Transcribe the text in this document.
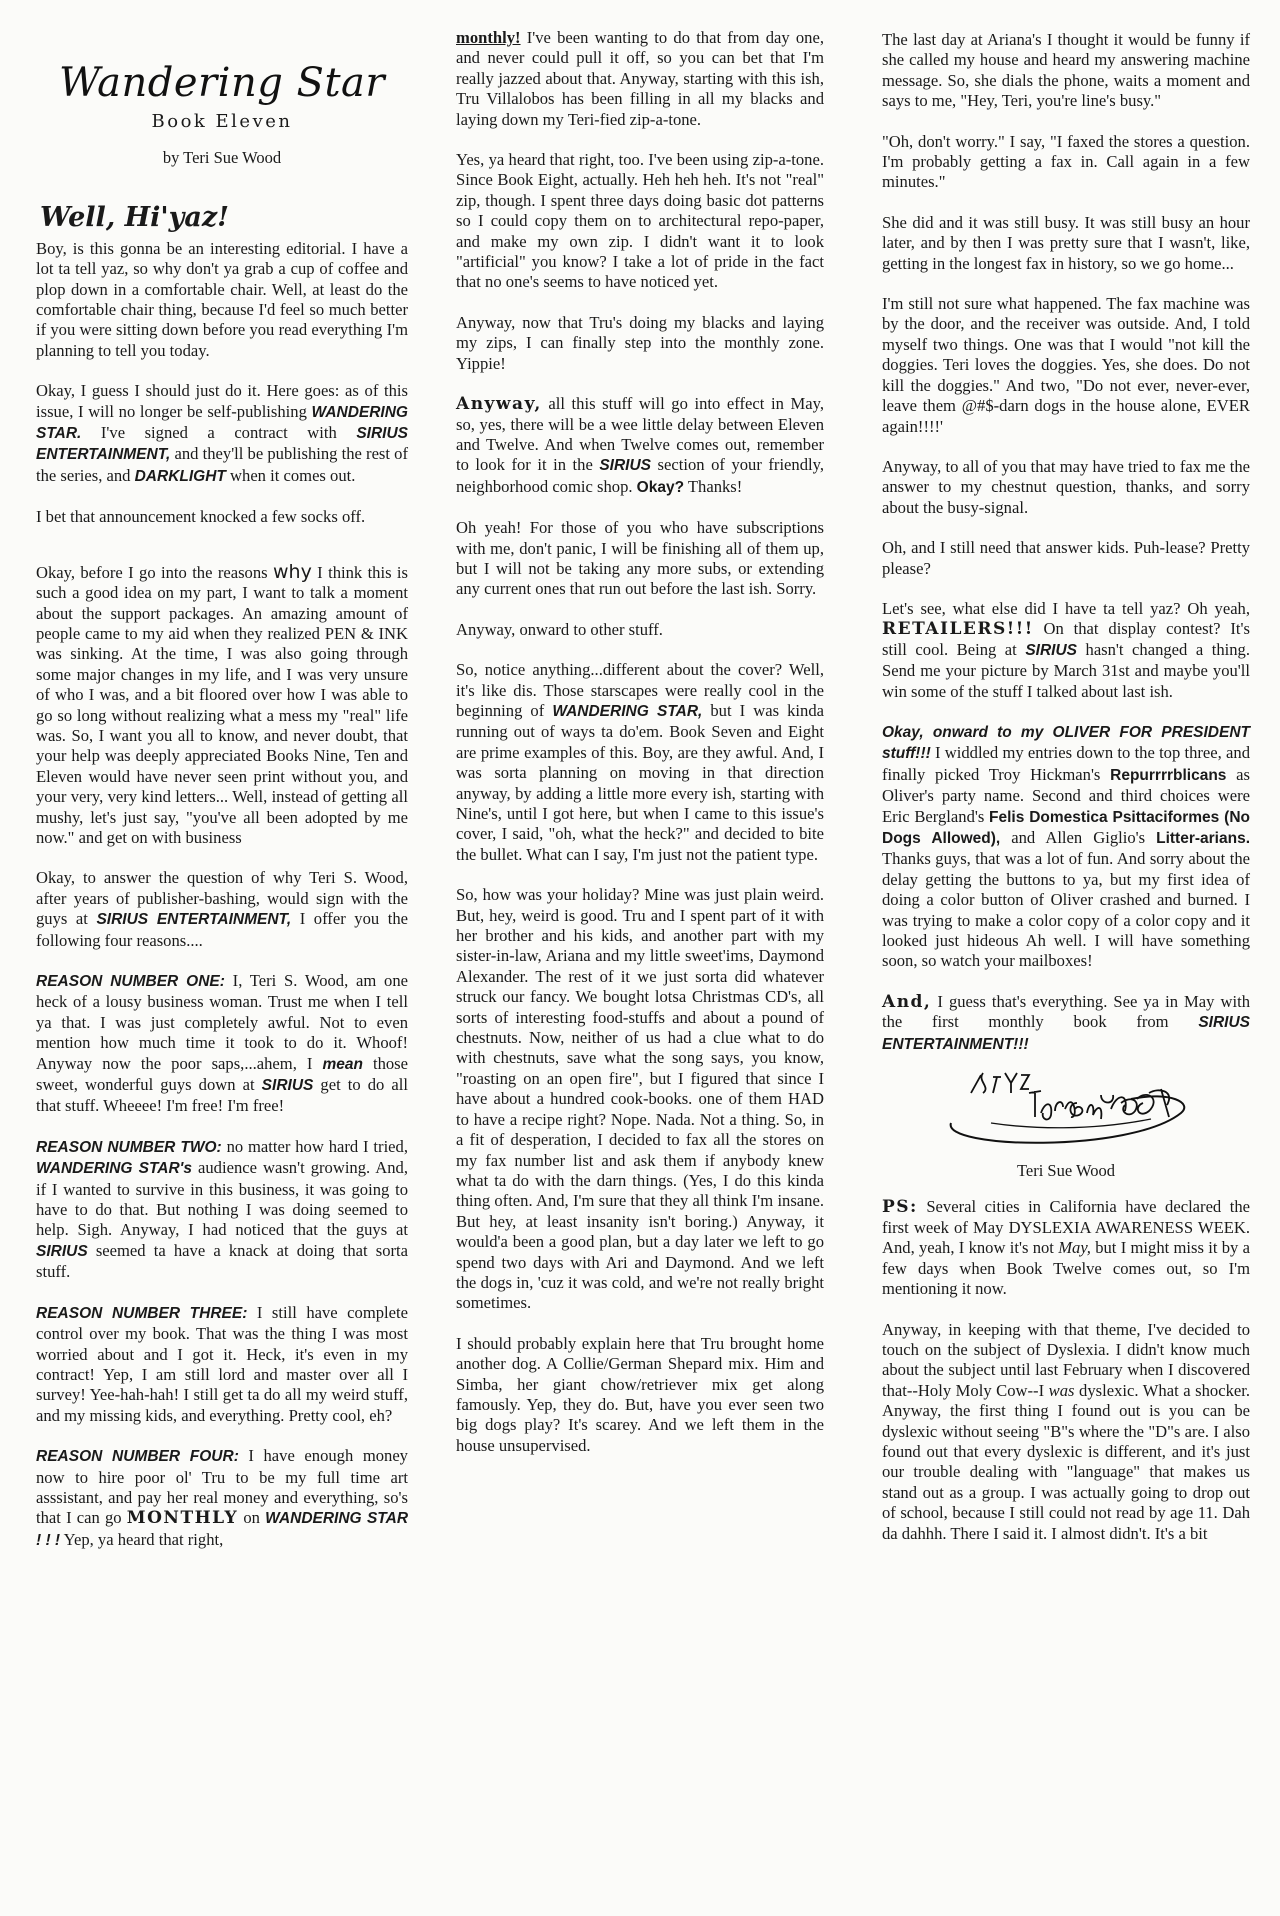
Wandering Star
Book Eleven
by Teri Sue Wood
Well, Hi'yaz!

Boy, is this gonna be an interesting editorial. I have a lot ta tell yaz, so why don't ya grab a cup of coffee and plop down in a comfortable chair. Well, at least do the comfortable chair thing, because I'd feel so much better if you were sitting down before you read everything I'm planning to tell you today.

Okay, I guess I should just do it. Here goes: as of this issue, I will no longer be self-publishing WANDERING STAR. I've signed a contract with SIRIUS ENTERTAINMENT, and they'll be publishing the rest of the series, and DARKLIGHT when it comes out.

I bet that announcement knocked a few socks off.

Okay, before I go into the reasons why I think this is such a good idea on my part, I want to talk a moment about the support packages. An amazing amount of people came to my aid when they realized PEN & INK was sinking. At the time, I was also going through some major changes in my life, and I was very unsure of who I was, and a bit floored over how I was able to go so long without realizing what a mess my "real" life was. So, I want you all to know, and never doubt, that your help was deeply appreciated Books Nine, Ten and Eleven would have never seen print without you, and your very, very kind letters... Well, instead of getting all mushy, let's just say, "you've all been adopted by me now." and get on with business

Okay, to answer the question of why Teri S. Wood, after years of publisher-bashing, would sign with the guys at SIRIUS ENTERTAINMENT, I offer you the following four reasons....

REASON NUMBER ONE: I, Teri S. Wood, am one heck of a lousy business woman. Trust me when I tell ya that. I was just completely awful. Not to even mention how much time it took to do it. Whoof! Anyway now the poor saps,...ahem, I mean those sweet, wonderful guys down at SIRIUS get to do all that stuff. Wheeee! I'm free! I'm free!

REASON NUMBER TWO: no matter how hard I tried, WANDERING STAR's audience wasn't growing. And, if I wanted to survive in this business, it was going to have to do that. But nothing I was doing seemed to help. Sigh. Anyway, I had noticed that the guys at SIRIUS seemed ta have a knack at doing that sorta stuff.

REASON NUMBER THREE: I still have complete control over my book. That was the thing I was most worried about and I got it. Heck, it's even in my contract! Yep, I am still lord and master over all I survey! Yee-hah-hah! I still get ta do all my weird stuff, and my missing kids, and everything. Pretty cool, eh?

REASON NUMBER FOUR: I have enough money now to hire poor ol' Tru to be my full time art asssistant, and pay her real money and everything, so's that I can go MONTHLY on WANDERING STAR ! ! ! Yep, ya heard that right,

monthly! I've been wanting to do that from day one, and never could pull it off, so you can bet that I'm really jazzed about that. Anyway, starting with this ish, Tru Villalobos has been filling in all my blacks and laying down my Teri-fied zip-a-tone.

Yes, ya heard that right, too. I've been using zip-a-tone. Since Book Eight, actually. Heh heh heh. It's not "real" zip, though. I spent three days doing basic dot patterns so I could copy them on to architectural repo-paper, and make my own zip. I didn't want it to look "artificial" you know? I take a lot of pride in the fact that no one's seems to have noticed yet.

Anyway, now that Tru's doing my blacks and laying my zips, I can finally step into the monthly zone. Yippie!

Anyway, all this stuff will go into effect in May, so, yes, there will be a wee little delay between Eleven and Twelve. And when Twelve comes out, remember to look for it in the SIRIUS section of your friendly, neighborhood comic shop. Okay? Thanks!

Oh yeah! For those of you who have subscriptions with me, don't panic, I will be finishing all of them up, but I will not be taking any more subs, or extending any current ones that run out before the last ish. Sorry.

Anyway, onward to other stuff.

So, notice anything...different about the cover? Well, it's like dis. Those starscapes were really cool in the beginning of WANDERING STAR, but I was kinda running out of ways ta do'em. Book Seven and Eight are prime examples of this. Boy, are they awful. And, I was sorta planning on moving in that direction anyway, by adding a little more every ish, starting with Nine's, until I got here, but when I came to this issue's cover, I said, "oh, what the heck?" and decided to bite the bullet. What can I say, I'm just not the patient type.

So, how was your holiday? Mine was just plain weird. But, hey, weird is good. Tru and I spent part of it with her brother and his kids, and another part with my sister-in-law, Ariana and my little sweet'ims, Daymond Alexander. The rest of it we just sorta did whatever struck our fancy. We bought lotsa Christmas CD's, all sorts of interesting food-stuffs and about a pound of chestnuts. Now, neither of us had a clue what to do with chestnuts, save what the song says, you know, "roasting on an open fire", but I figured that since I have about a hundred cook-books. one of them HAD to have a recipe right? Nope. Nada. Not a thing. So, in a fit of desperation, I decided to fax all the stores on my fax number list and ask them if anybody knew what ta do with the darn things. (Yes, I do this kinda thing often. And, I'm sure that they all think I'm insane. But hey, at least insanity isn't boring.) Anyway, it would'a been a good plan, but a day later we left to go spend two days with Ari and Daymond. And we left the dogs in, 'cuz it was cold, and we're not really bright sometimes.

I should probably explain here that Tru brought home another dog. A Collie/German Shepard mix. Him and Simba, her giant chow/retriever mix get along famously. Yep, they do. But, have you ever seen two big dogs play? It's scarey. And we left them in the house unsupervised.

The last day at Ariana's I thought it would be funny if she called my house and heard my answering machine message. So, she dials the phone, waits a moment and says to me, "Hey, Teri, you're line's busy."

"Oh, don't worry." I say, "I faxed the stores a question. I'm probably getting a fax in. Call again in a few minutes."

She did and it was still busy. It was still busy an hour later, and by then I was pretty sure that I wasn't, like, getting in the longest fax in history, so we go home...

I'm still not sure what happened. The fax machine was by the door, and the receiver was outside. And, I told myself two things. One was that I would "not kill the doggies. Teri loves the doggies. Yes, she does. Do not kill the doggies." And two, "Do not ever, never-ever, leave them @#$-darn dogs in the house alone, EVER again!!!!'

Anyway, to all of you that may have tried to fax me the answer to my chestnut question, thanks, and sorry about the busy-signal.

Oh, and I still need that answer kids. Puh-lease? Pretty please?

Let's see, what else did I have ta tell yaz? Oh yeah, RETAILERS!!! On that display contest? It's still cool. Being at SIRIUS hasn't changed a thing. Send me your picture by March 31st and maybe you'll win some of the stuff I talked about last ish.

Okay, onward to my OLIVER FOR PRESIDENT stuff!!! I widdled my entries down to the top three, and finally picked Troy Hickman's Repurrrrblicans as Oliver's party name. Second and third choices were Eric Bergland's Felis Domestica Psittaciformes (No Dogs Allowed), and Allen Giglio's Litter-arians. Thanks guys, that was a lot of fun. And sorry about the delay getting the buttons to ya, but my first idea of doing a color button of Oliver crashed and burned. I was trying to make a color copy of a color copy and it looked just hideous Ah well. I will have something soon, so watch your mailboxes!

And, I guess that's everything. See ya in May with the first monthly book from SIRIUS ENTERTAINMENT!!!

Teri Sue Wood

PS: Several cities in California have declared the first week of May DYSLEXIA AWARENESS WEEK. And, yeah, I know it's not May, but I might miss it by a few days when Book Twelve comes out, so I'm mentioning it now.

Anyway, in keeping with that theme, I've decided to touch on the subject of Dyslexia. I didn't know much about the subject until last February when I discovered that--Holy Moly Cow--I was dyslexic. What a shocker. Anyway, the first thing I found out is you can be dyslexic without seeing "B"s where the "D"s are. I also found out that every dyslexic is different, and it's just our trouble dealing with "language" that makes us stand out as a group. I was actually going to drop out of school, because I still could not read by age 11. Dah da dahhh. There I said it. I almost didn't. It's a bit
